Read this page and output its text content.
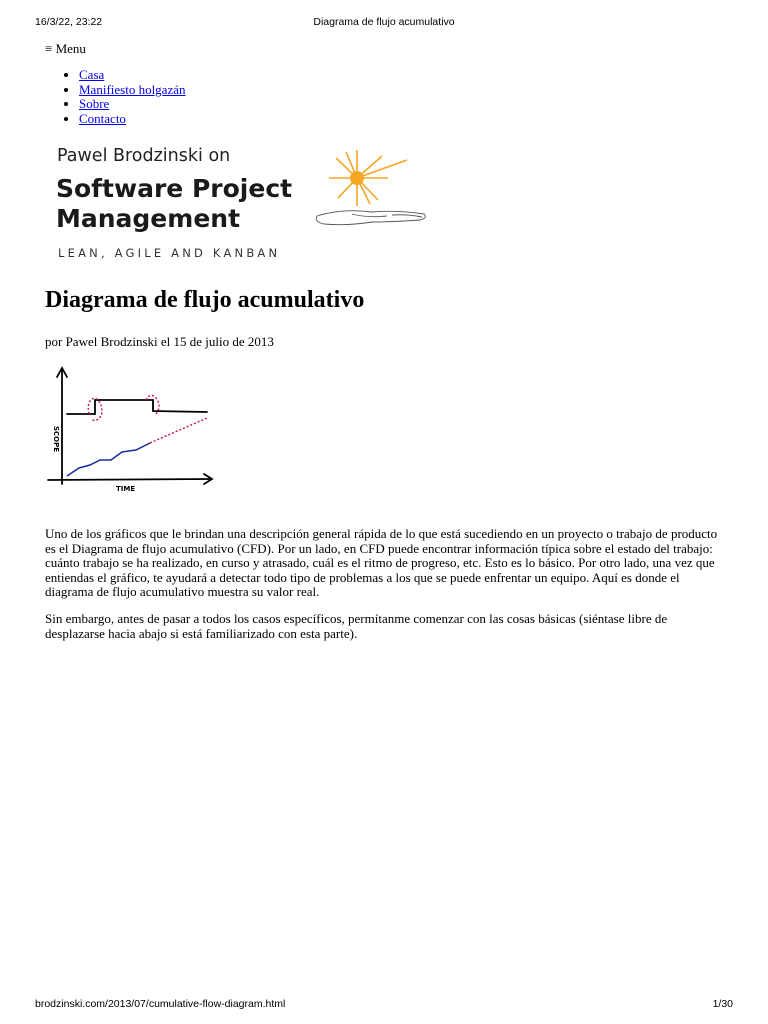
16/3/22, 23:22	Diagrama de flujo acumulativo
≡ Menu
• Casa
• Manifiesto holgazán
• Sobre
• Contacto
Pawel Brodzinski on
Software Project
Management
LEAN, AGILE AND KANBAN
Diagrama de flujo acumulativo
por Pawel Brodzinski el 15 de julio de 2013
SCOPE
TIME

Uno de los gráficos que le brindan una descripción general rápida de lo que está sucediendo en un proyecto o trabajo de producto es el Diagrama de flujo acumulativo (CFD). Por un lado, en CFD puede encontrar información típica sobre el estado del trabajo: cuánto trabajo se ha realizado, en curso y atrasado, cuál es el ritmo de progreso, etc. Esto es lo básico. Por otro lado, una vez que entiendas el gráfico, te ayudará a detectar todo tipo de problemas a los que se puede enfrentar un equipo. Aquí es donde el diagrama de flujo acumulativo muestra su valor real.

Sin embargo, antes de pasar a todos los casos específicos, permítanme comenzar con las cosas básicas (siéntase libre de desplazarse hacia abajo si está familiarizado con esta parte).

brodzinski.com/2013/07/cumulative-flow-diagram.html	1/30
